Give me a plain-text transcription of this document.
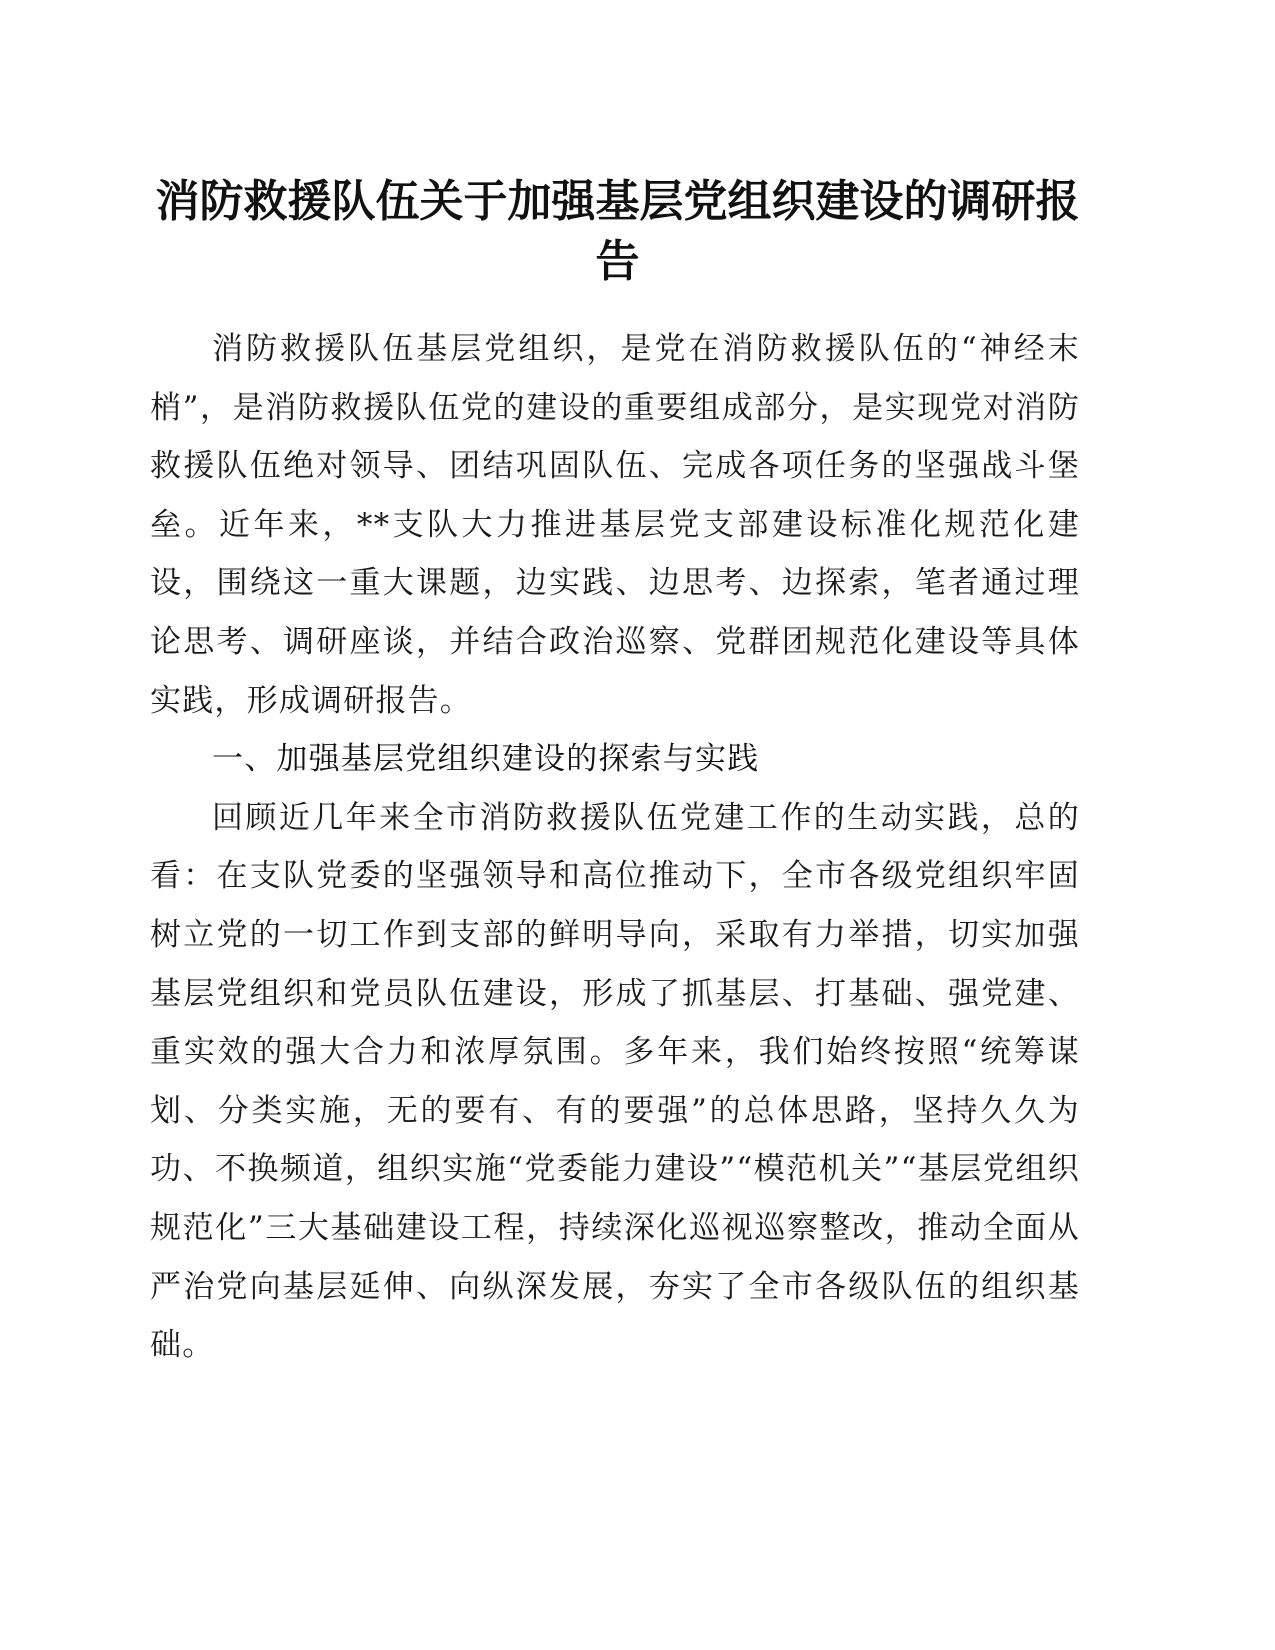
消防救援队伍关于加强基层党组织建设的调研报告

消防救援队伍基层党组织，是党在消防救援队伍的“神经末梢”，是消防救援队伍党的建设的重要组成部分，是实现党对消防救援队伍绝对领导、团结巩固队伍、完成各项任务的坚强战斗堡垒。近年来，**支队大力推进基层党支部建设标准化规范化建设，围绕这一重大课题，边实践、边思考、边探索，笔者通过理论思考、调研座谈，并结合政治巡察、党群团规范化建设等具体实践，形成调研报告。

一、加强基层党组织建设的探索与实践

回顾近几年来全市消防救援队伍党建工作的生动实践，总的看：在支队党委的坚强领导和高位推动下，全市各级党组织牢固树立党的一切工作到支部的鲜明导向，采取有力举措，切实加强基层党组织和党员队伍建设，形成了抓基层、打基础、强党建、重实效的强大合力和浓厚氛围。多年来，我们始终按照“统筹谋划、分类实施，无的要有、有的要强”的总体思路，坚持久久为功、不换频道，组织实施“党委能力建设”“模范机关”“基层党组织规范化”三大基础建设工程，持续深化巡视巡察整改，推动全面从严治党向基层延伸、向纵深发展，夯实了全市各级队伍的组织基础。
